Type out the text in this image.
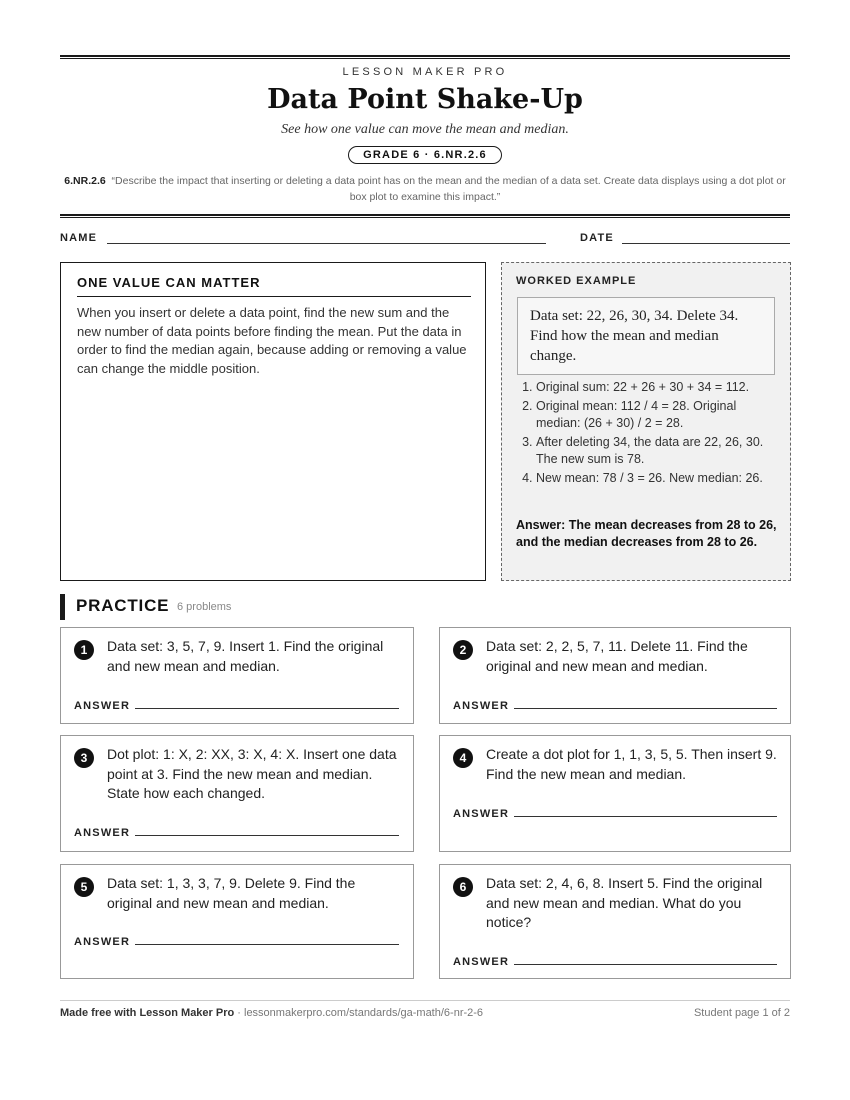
LESSON MAKER PRO
Data Point Shake-Up
See how one value can move the mean and median.
GRADE 6 · 6.NR.2.6
6.NR.2.6 “Describe the impact that inserting or deleting a data point has on the mean and the median of a data set. Create data displays using a dot plot or box plot to examine this impact.”
NAME	DATE
ONE VALUE CAN MATTER

When you insert or delete a data point, find the new sum and the new number of data points before finding the mean. Put the data in order to find the median again, because adding or removing a value can change the middle position.

WORKED EXAMPLE
Data set: 22, 26, 30, 34. Delete 34. Find how the mean and median change.
1. Original sum: 22 + 26 + 30 + 34 = 112.
2. Original mean: 112 / 4 = 28. Original median: (26 + 30) / 2 = 28.
3. After deleting 34, the data are 22, 26, 30. The new sum is 78.
4. New mean: 78 / 3 = 26. New median: 26.
Answer: The mean decreases from 28 to 26, and the median decreases from 28 to 26.
PRACTICE 6 problems
1	Data set: 3, 5, 7, 9. Insert 1. Find the original and new mean and median.
ANSWER
2	Data set: 2, 2, 5, 7, 11. Delete 11. Find the original and new mean and median.
ANSWER
3	Dot plot: 1: X, 2: XX, 3: X, 4: X. Insert one data point at 3. Find the new mean and median. State how each changed.
ANSWER
4	Create a dot plot for 1, 1, 3, 5, 5. Then insert 9. Find the new mean and median.
ANSWER
5	Data set: 1, 3, 3, 7, 9. Delete 9. Find the original and new mean and median.
ANSWER
6	Data set: 2, 4, 6, 8. Insert 5. Find the original and new mean and median. What do you notice?
ANSWER
Made free with Lesson Maker Pro · lessonmakerpro.com/standards/ga-math/6-nr-2-6	Student page 1 of 2
